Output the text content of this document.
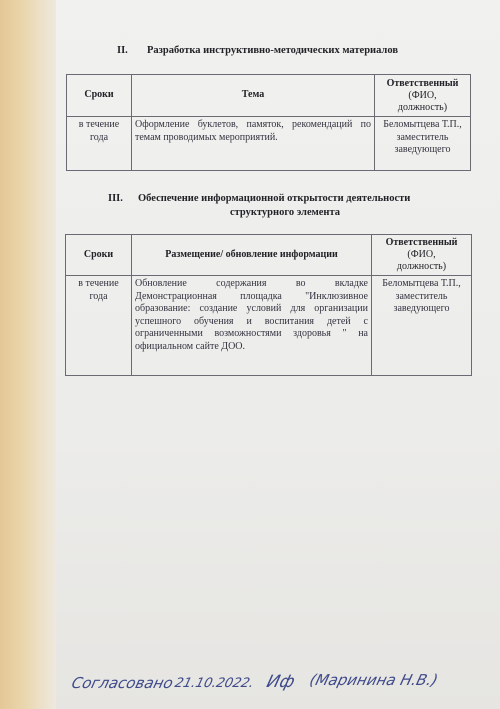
II. Разработка инструктивно-методических материалов
Сроки	Тема	Ответственный
(ФИО,
должность)

в течение года	Оформление буклетов, памяток, рекомендаций по темам проводимых мероприятий.	Беломытцева Т.П.,
заместитель заведующего
III. Обеспечение информационной открытости деятельности
структурного элемента
Сроки	Размещение/ обновление информации	Ответственный
(ФИО,
должность)

в течение года	Обновление содержания во вкладке Демонстрационная площадка "Инклюзивное образование: создание условий для организации успешного обучения и воспитания детей с ограниченными возможностями здоровья " на официальном сайте ДОО.	Беломытцева Т.П.,
заместитель заведующего
Согласовано
21.10.2022. Иф (Маринина Н.В.)
